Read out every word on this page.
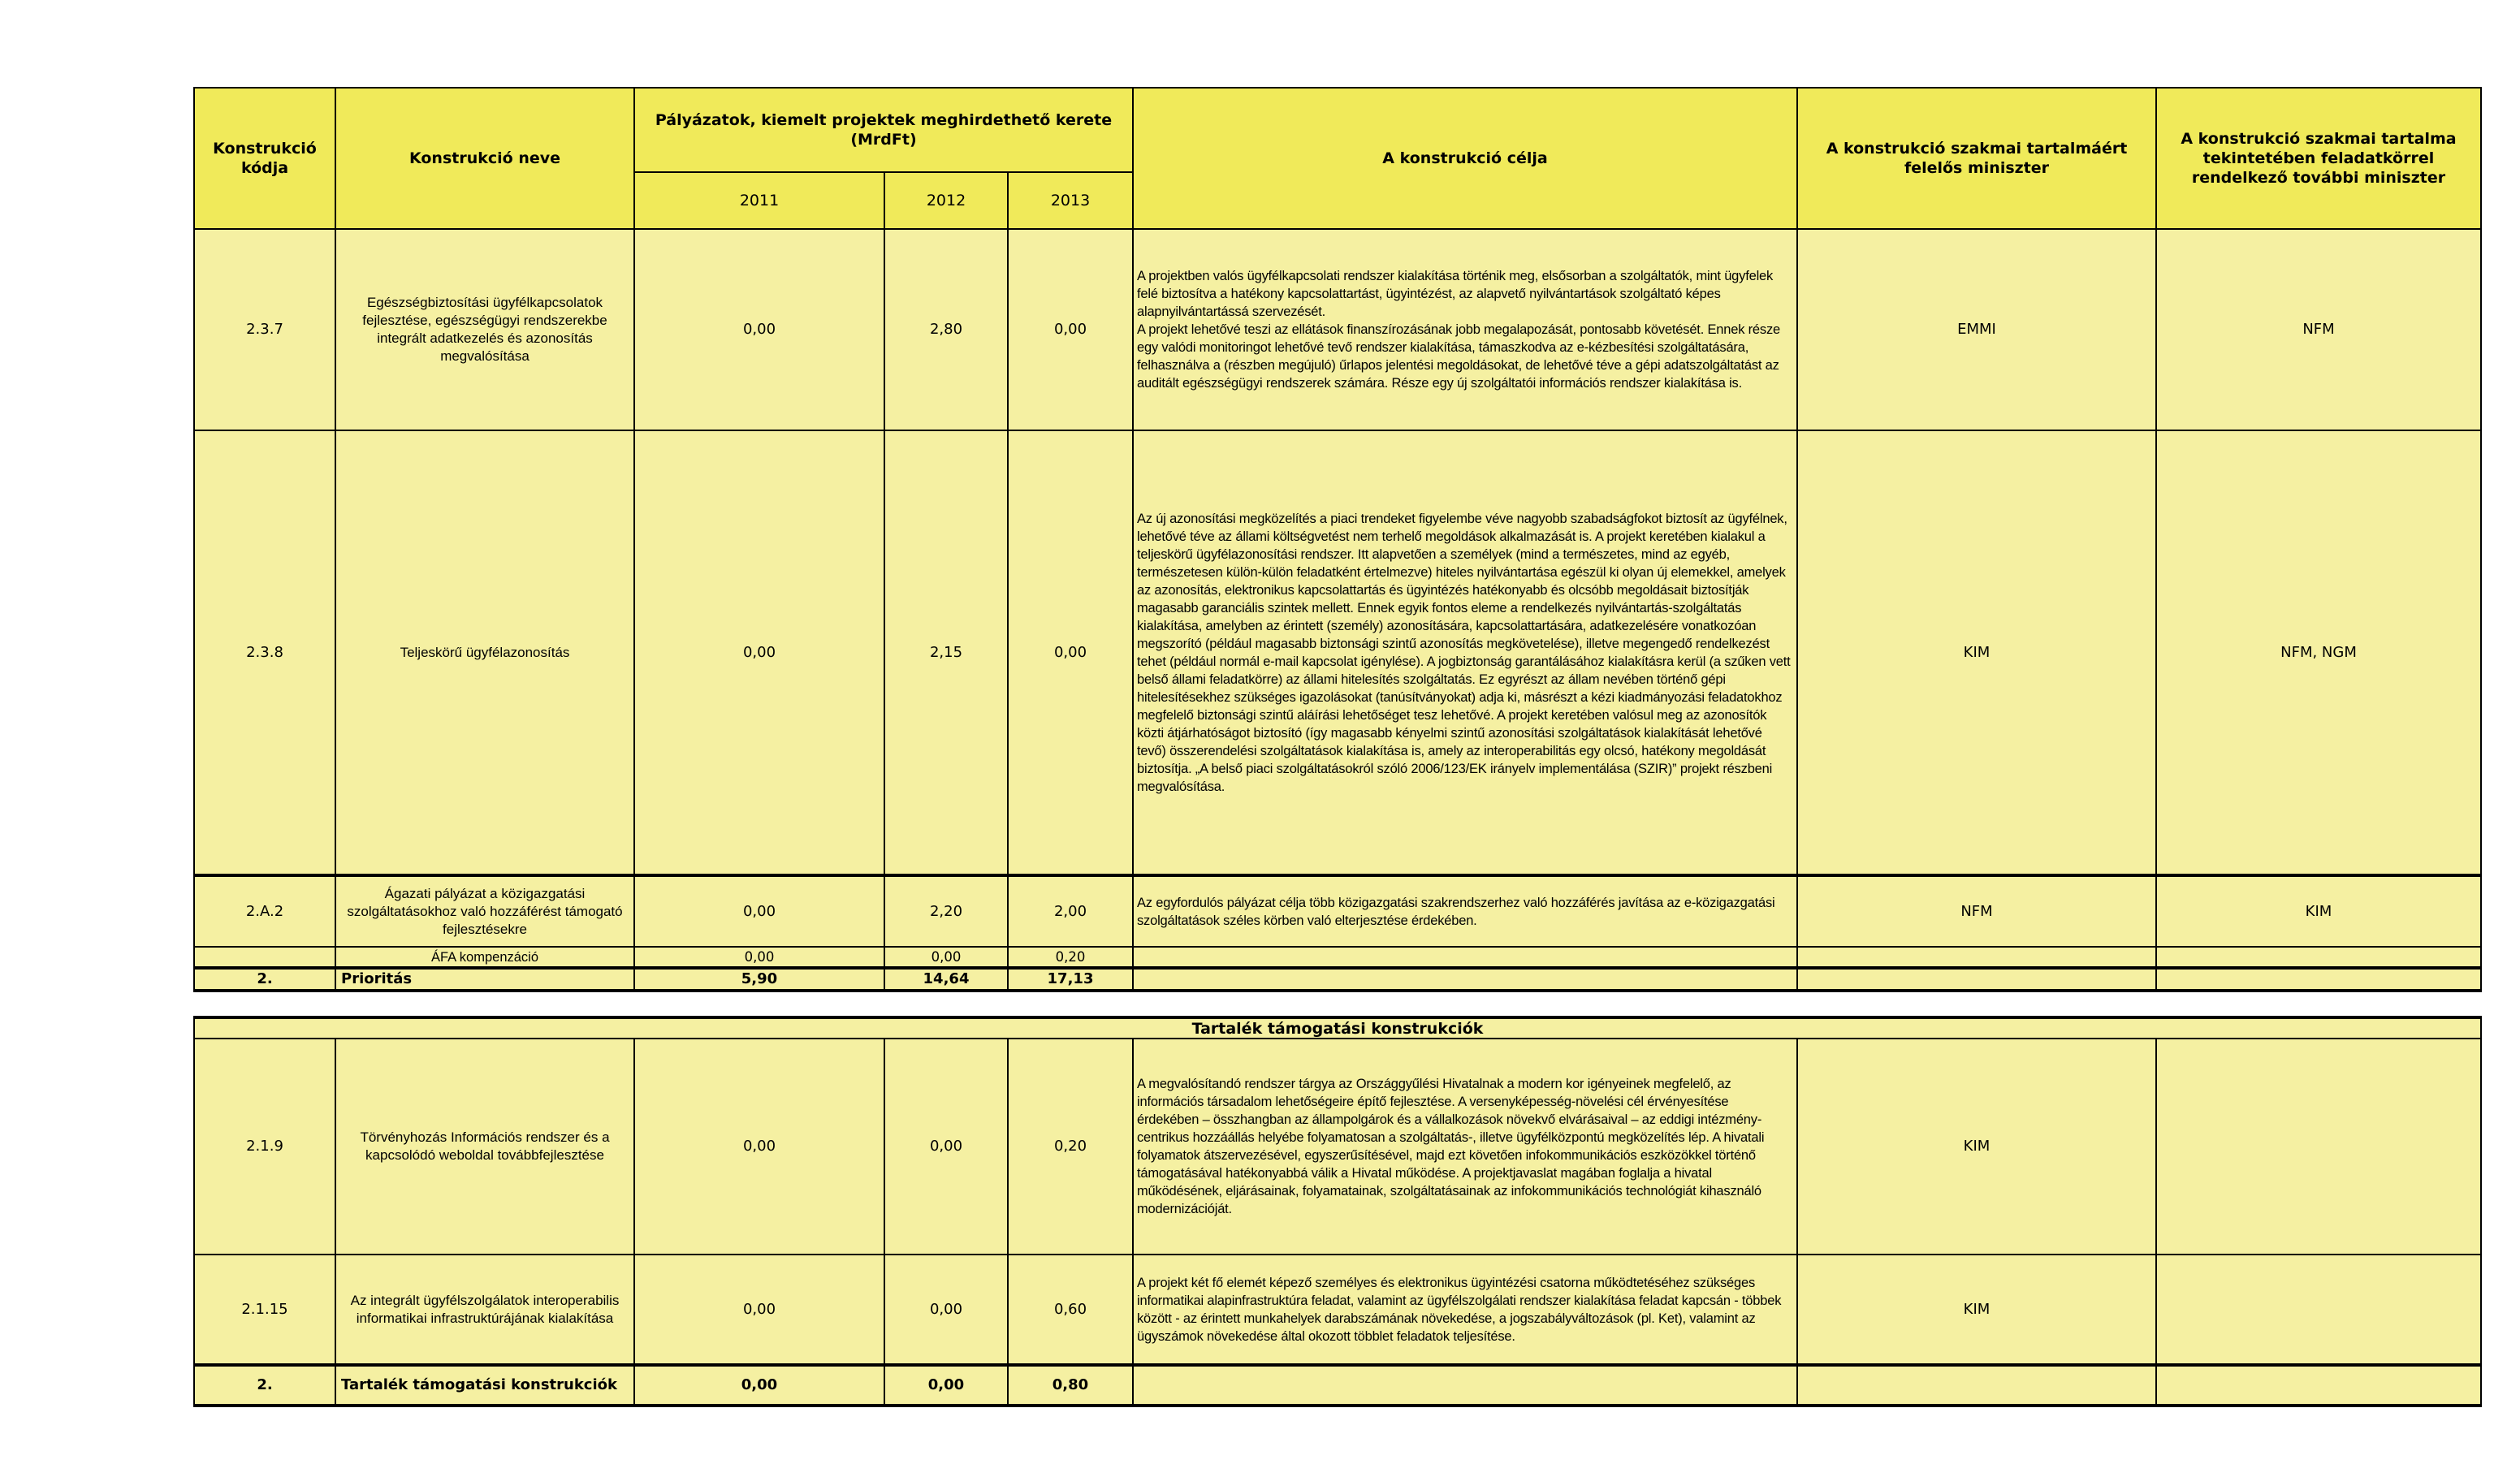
Konstrukció kódja	Konstrukció neve	Pályázatok, kiemelt projektek meghirdethető kerete (MrdFt)			A konstrukció célja	A konstrukció szakmai tartalmáért felelős miniszter	A konstrukció szakmai tartalma tekintetében feladatkörrel rendelkező további miniszter
		2011	2012	2013			
2.3.7	Egészségbiztosítási ügyfélkapcsolatok fejlesztése, egészségügyi rendszerekbe integrált adatkezelés és azonosítás megvalósítása	0,00	2,80	0,00	A projektben valós ügyfélkapcsolati rendszer kialakítása történik meg, elsősorban a szolgáltatók, mint ügyfelek felé biztosítva a hatékony kapcsolattartást, ügyintézést, az alapvető nyilvántartások szolgáltató képes alapnyilvántartássá szervezését.
A projekt lehetővé teszi az ellátások finanszírozásának jobb megalapozását, pontosabb követését. Ennek része egy valódi monitoringot lehetővé tevő rendszer kialakítása, támaszkodva az e-kézbesítési szolgáltatására, felhasználva a (részben megújuló) űrlapos jelentési megoldásokat, de lehetővé téve a gépi adatszolgáltatást az auditált egészségügyi rendszerek számára. Része egy új szolgáltatói információs rendszer kialakítása is.	EMMI	NFM
2.3.8	Teljeskörű ügyfélazonosítás	0,00	2,15	0,00	Az új azonosítási megközelítés a piaci trendeket figyelembe véve nagyobb szabadságfokot biztosít az ügyfélnek, lehetővé téve az állami költségvetést nem terhelő megoldások alkalmazását is. A projekt keretében kialakul a teljeskörű ügyfélazonosítási rendszer. Itt alapvetően a személyek (mind a természetes, mind az egyéb, természetesen külön-külön feladatként értelmezve) hiteles nyilvántartása egészül ki olyan új elemekkel, amelyek az azonosítás, elektronikus kapcsolattartás és ügyintézés hatékonyabb és olcsóbb megoldásait biztosítják magasabb garanciális szintek mellett. Ennek egyik fontos eleme a rendelkezés nyilvántartás-szolgáltatás kialakítása, amelyben az érintett (személy) azonosítására, kapcsolattartására, adatkezelésére vonatkozóan megszorító (például magasabb biztonsági szintű azonosítás megkövetelése), illetve megengedő rendelkezést tehet (például normál e-mail kapcsolat igénylése). A jogbiztonság garantálásához kialakításra kerül (a szűken vett belső állami feladatkörre) az állami hitelesítés szolgáltatás. Ez egyrészt az állam nevében történő gépi hitelesítésekhez szükséges igazolásokat (tanúsítványokat) adja ki, másrészt a kézi kiadmányozási feladatokhoz megfelelő biztonsági szintű aláírási lehetőséget tesz lehetővé. A projekt keretében valósul meg az azonosítók közti átjárhatóságot biztosító (így magasabb kényelmi szintű azonosítási szolgáltatások kialakítását lehetővé tevő) összerendelési szolgáltatások kialakítása is, amely az interoperabilitás egy olcsó, hatékony megoldását biztosítja. „A belső piaci szolgáltatásokról szóló 2006/123/EK irányelv implementálása (SZIR)” projekt részbeni megvalósítása.	KIM	NFM, NGM
2.A.2	Ágazati pályázat a közigazgatási szolgáltatásokhoz való hozzáférést támogató fejlesztésekre	0,00	2,20	2,00	Az egyfordulós pályázat célja több közigazgatási szakrendszerhez való hozzáférés javítása az e-közigazgatási szolgáltatások széles körben való elterjesztése érdekében.	NFM	KIM
	ÁFA kompenzáció	0,00	0,00	0,20			
2.	Prioritás	5,90	14,64	17,13			
Tartalék támogatási konstrukciók							
2.1.9	Törvényhozás Információs rendszer és a kapcsolódó weboldal továbbfejlesztése	0,00	0,00	0,20	A megvalósítandó rendszer tárgya az Országgyűlési Hivatalnak a modern kor igényeinek megfelelő, az információs társadalom lehetőségeire építő fejlesztése. A versenyképesség-növelési cél érvényesítése érdekében – összhangban az állampolgárok és a vállalkozások növekvő elvárásaival – az eddigi intézmény-centrikus hozzáállás helyébe folyamatosan a szolgáltatás-, illetve ügyfélközpontú megközelítés lép. A hivatali folyamatok átszervezésével, egyszerűsítésével, majd ezt követően infokommunikációs eszközökkel történő támogatásával hatékonyabbá válik a Hivatal működése. A projektjavaslat magában foglalja a hivatal működésének, eljárásainak, folyamatainak, szolgáltatásainak az infokommunikációs technológiát kihasználó modernizációját.	KIM	
2.1.15	Az integrált ügyfélszolgálatok interoperabilis informatikai infrastruktúrájának kialakítása	0,00	0,00	0,60	A projekt két fő elemét képező személyes és elektronikus ügyintézési csatorna működtetéséhez szükséges informatikai alapinfrastruktúra feladat, valamint az ügyfélszolgálati rendszer kialakítása feladat kapcsán - többek között - az érintett munkahelyek darabszámának növekedése, a jogszabályváltozások (pl. Ket), valamint az ügyszámok növekedése által okozott többlet feladatok teljesítése.	KIM	
2.	Tartalék támogatási konstrukciók	0,00	0,00	0,80			
